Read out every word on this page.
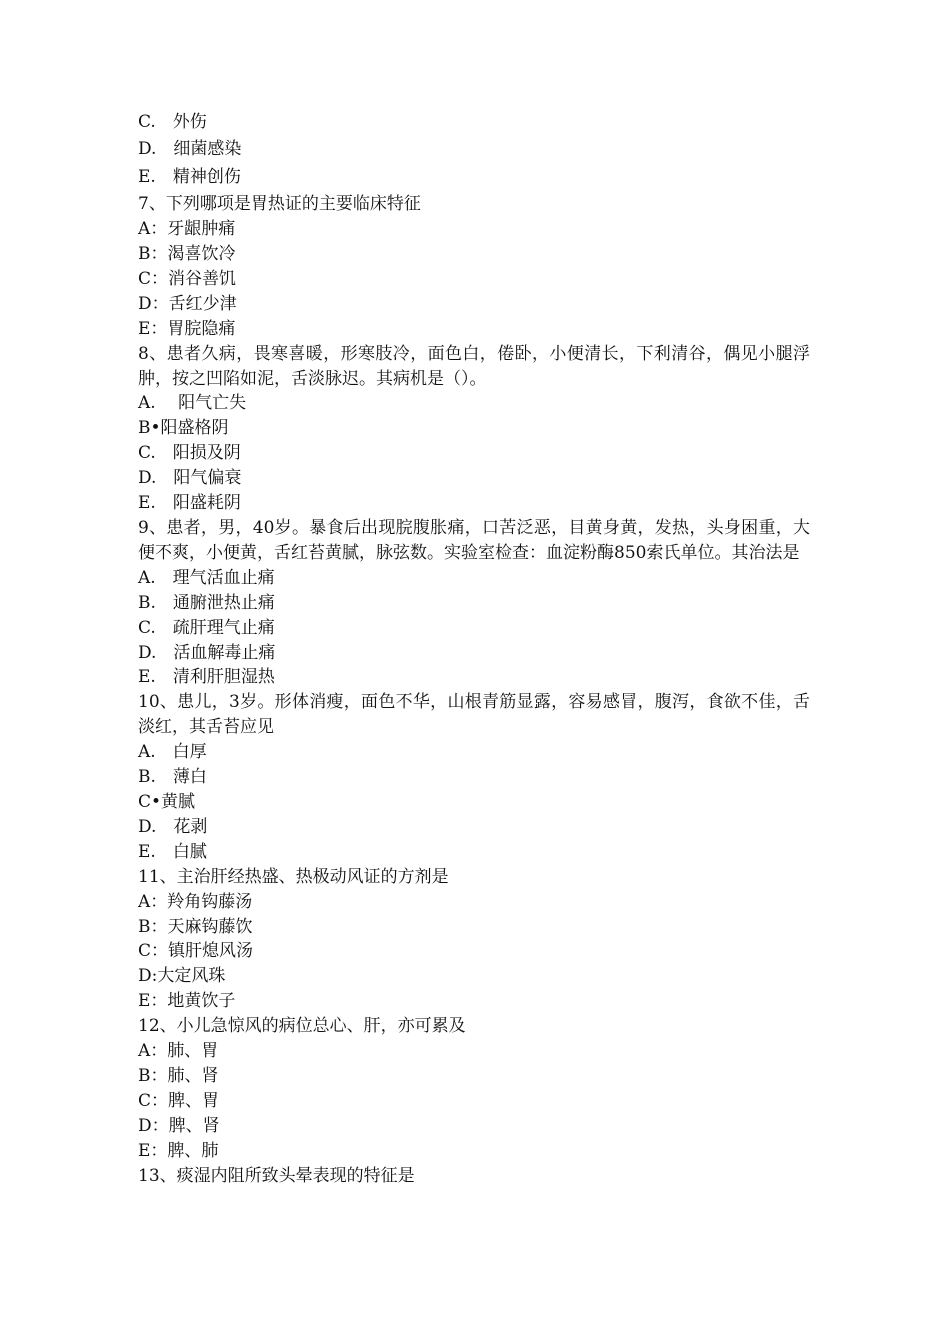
C.　外伤
D.　细菌感染
E.　精神创伤
7、下列哪项是胃热证的主要临床特征
A：牙龈肿痛
B：渴喜饮冷
C：消谷善饥
D：舌红少津
E：胃脘隐痛
8、患者久病，畏寒喜暖，形寒肢冷，面色白，倦卧，小便清长，下利清谷，偶见小腿浮肿，按之凹陷如泥，舌淡脉迟。其病机是（）。
A.　 阳气亡失
B•阳盛格阴
C.　阳损及阴
D.　阳气偏衰
E.　阳盛耗阴
9、患者，男，40岁。暴食后出现脘腹胀痛，口苦泛恶，目黄身黄，发热，头身困重，大便不爽，小便黄，舌红苔黄腻，脉弦数。实验室检查：血淀粉酶850索氏单位。其治法是
A.　理气活血止痛
B.　通腑泄热止痛
C.　疏肝理气止痛
D.　活血解毒止痛
E.　清利肝胆湿热
10、患儿，3岁。形体消瘦，面色不华，山根青筋显露，容易感冒，腹泻，食欲不佳，舌淡红，其舌苔应见
A.　白厚
B.　薄白
C•黄腻
D.　花剥
E.　白腻
11、主治肝经热盛、热极动风证的方剂是
A：羚角钩藤汤
B：天麻钩藤饮
C：镇肝熄风汤
D:大定风珠
E：地黄饮子
12、小儿急惊风的病位总心、肝，亦可累及
A：肺、胃
B：肺、肾
C：脾、胃
D：脾、肾
E：脾、肺
13、痰湿内阻所致头晕表现的特征是
